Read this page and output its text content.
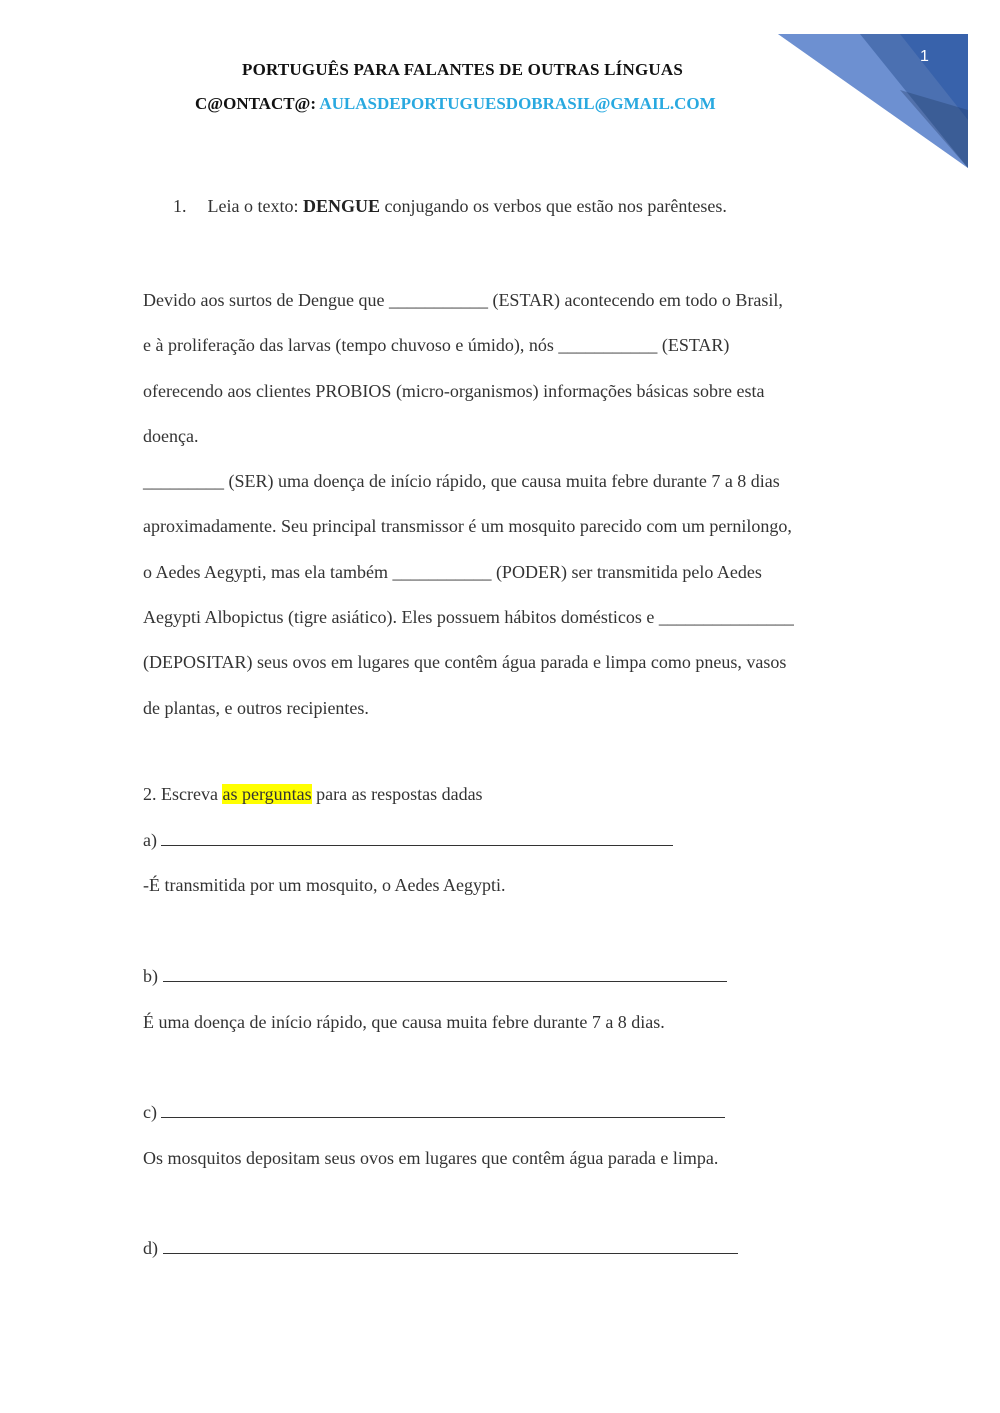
1
PORTUGUÊS PARA FALANTES DE OUTRAS LÍNGUAS
C@ONTACT@: AULASDEPORTUGUESDOBRASIL@GMAIL.COM
1. Leia o texto: DENGUE conjugando os verbos que estão nos parênteses.

Devido aos surtos de Dengue que ___________ (ESTAR) acontecendo em todo o Brasil,

e à proliferação das larvas (tempo chuvoso e úmido), nós ___________ (ESTAR)

oferecendo aos clientes PROBIOS (micro-organismos) informações básicas sobre esta

doença.

_________ (SER) uma doença de início rápido, que causa muita febre durante 7 a 8 dias

aproximadamente. Seu principal transmissor é um mosquito parecido com um pernilongo,

o Aedes Aegypti, mas ela também ___________ (PODER) ser transmitida pelo Aedes

Aegypti Albopictus (tigre asiático). Eles possuem hábitos domésticos e _______________

(DEPOSITAR) seus ovos em lugares que contêm água parada e limpa como pneus, vasos

de plantas, e outros recipientes.

2. Escreva as perguntas para as respostas dadas
a)
-É transmitida por um mosquito, o Aedes Aegypti.
b)
É uma doença de início rápido, que causa muita febre durante 7 a 8 dias.
c)
Os mosquitos depositam seus ovos em lugares que contêm água parada e limpa.
d)
